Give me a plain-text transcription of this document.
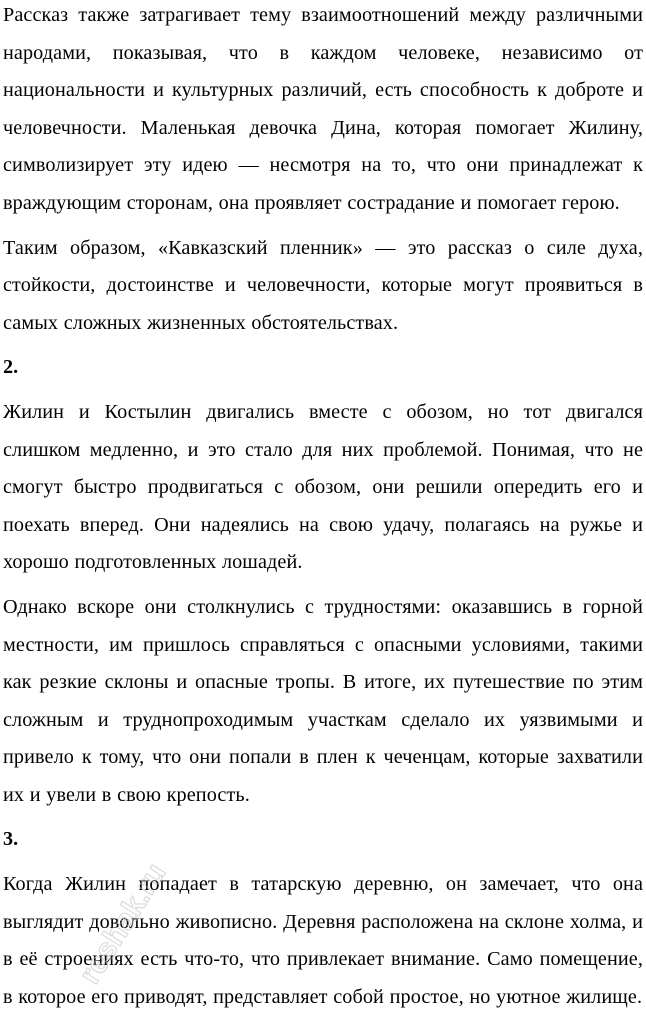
Рассказ также затрагивает тему взаимоотношений между различными народами, показывая, что в каждом человеке, независимо от национальности и культурных различий, есть способность к доброте и человечности. Маленькая девочка Дина, которая помогает Жилину, символизирует эту идею — несмотря на то, что они принадлежат к враждующим сторонам, она проявляет сострадание и помогает герою.

Таким образом, «Кавказский пленник» — это рассказ о силе духа, стойкости, достоинстве и человечности, которые могут проявиться в самых сложных жизненных обстоятельствах.

2.

Жилин и Костылин двигались вместе с обозом, но тот двигался слишком медленно, и это стало для них проблемой. Понимая, что не смогут быстро продвигаться с обозом, они решили опередить его и поехать вперед. Они надеялись на свою удачу, полагаясь на ружье и хорошо подготовленных лошадей.

Однако вскоре они столкнулись с трудностями: оказавшись в горной местности, им пришлось справляться с опасными условиями, такими как резкие склоны и опасные тропы. В итоге, их путешествие по этим сложным и труднопроходимым участкам сделало их уязвимыми и привело к тому, что они попали в плен к чеченцам, которые захватили их и увели в свою крепость.

3.

Когда Жилин попадает в татарскую деревню, он замечает, что она выглядит довольно живописно. Деревня расположена на склоне холма, и в её строениях есть что-то, что привлекает внимание. Само помещение, в которое его приводят, представляет собой простое, но уютное жилище.

reshak.ru
